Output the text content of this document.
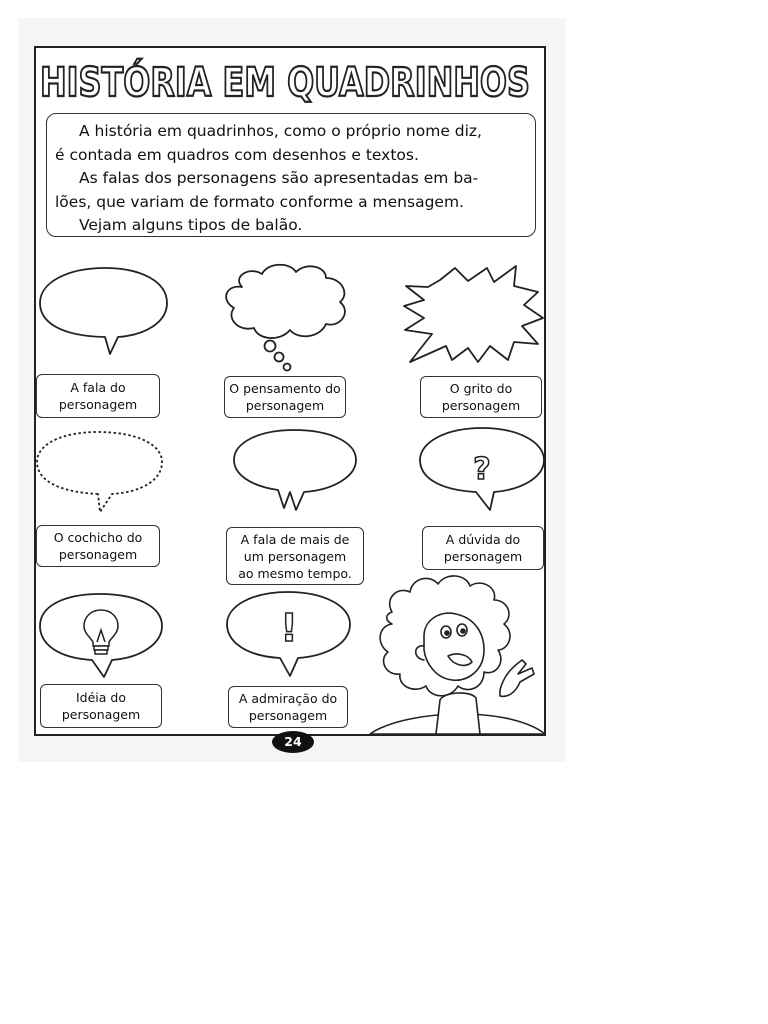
HISTÓRIA EM QUADRINHOS

A história em quadrinhos, como o próprio nome diz,

é contada em quadros com desenhos e textos.

As falas dos personagens são apresentadas em ba-

lões, que variam de formato conforme a mensagem.

Vejam alguns tipos de balão.

?
!
A fala do
personagem
O pensamento do
personagem
O grito do
personagem
O cochicho do
personagem
A fala de mais de
um personagem
ao mesmo tempo.
A dúvida do
personagem
Idéia do
personagem
A admiração do
personagem
24
